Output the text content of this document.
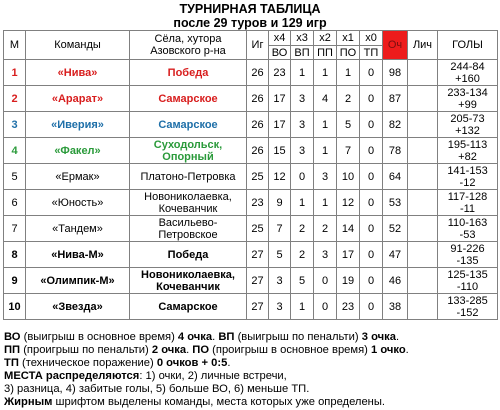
ТУРНИРНАЯ ТАБЛИЦА
после 29 туров и 129 игр
М	Команды	Сёла, хутора Азовского р-на	Иг	x4	x3	x2	x1	x0	Оч	Лич	ГОЛЫ
				ВО	ВП	ПП	ПО	ТП			
1	«Нива»	Победа	26	23	1	1	1	0	98		244-84
+160

2	«Арарат»	Самарское	26	17	3	4	2	0	87		233-134
+99

3	«Иверия»	Самарское	26	17	3	1	5	0	82		205-73
+132

4	«Факел»	Суходольск, Опорный	26	15	3	1	7	0	78		195-113
+82

5	«Ермак»	Платоно-Петровка	25	12	0	3	10	0	64		141-153
-12

6	«Юность»	Новониколаевка, Кочеванчик	23	9	1	1	12	0	53		117-128
-11

7	«Тандем»	Васильево-Петровское	25	7	2	2	14	0	52		110-163
-53

8	«Нива-М»	Победа	27	5	2	3	17	0	47		91-226
-135

9	«Олимпик-М»	Новониколаевка, Кочеванчик	27	3	5	0	19	0	46		125-135
-110

10	«Звезда»	Самарское	27	3	1	0	23	0	38		133-285
-152
ВО (выигрыш в основное время) 4 очка. ВП (выигрыш по пенальти) 3 очка.
ПП (проигрыш по пенальти) 2 очка. ПО (проигрыш в основное время) 1 очко.
ТП (техническое поражение) 0 очков + 0:5.
МЕСТА распределяются: 1) очки, 2) личные встречи,
3) разница, 4) забитые голы, 5) больше ВО, 6) меньше ТП.
Жирным шрифтом выделены команды, места которых уже определены.
